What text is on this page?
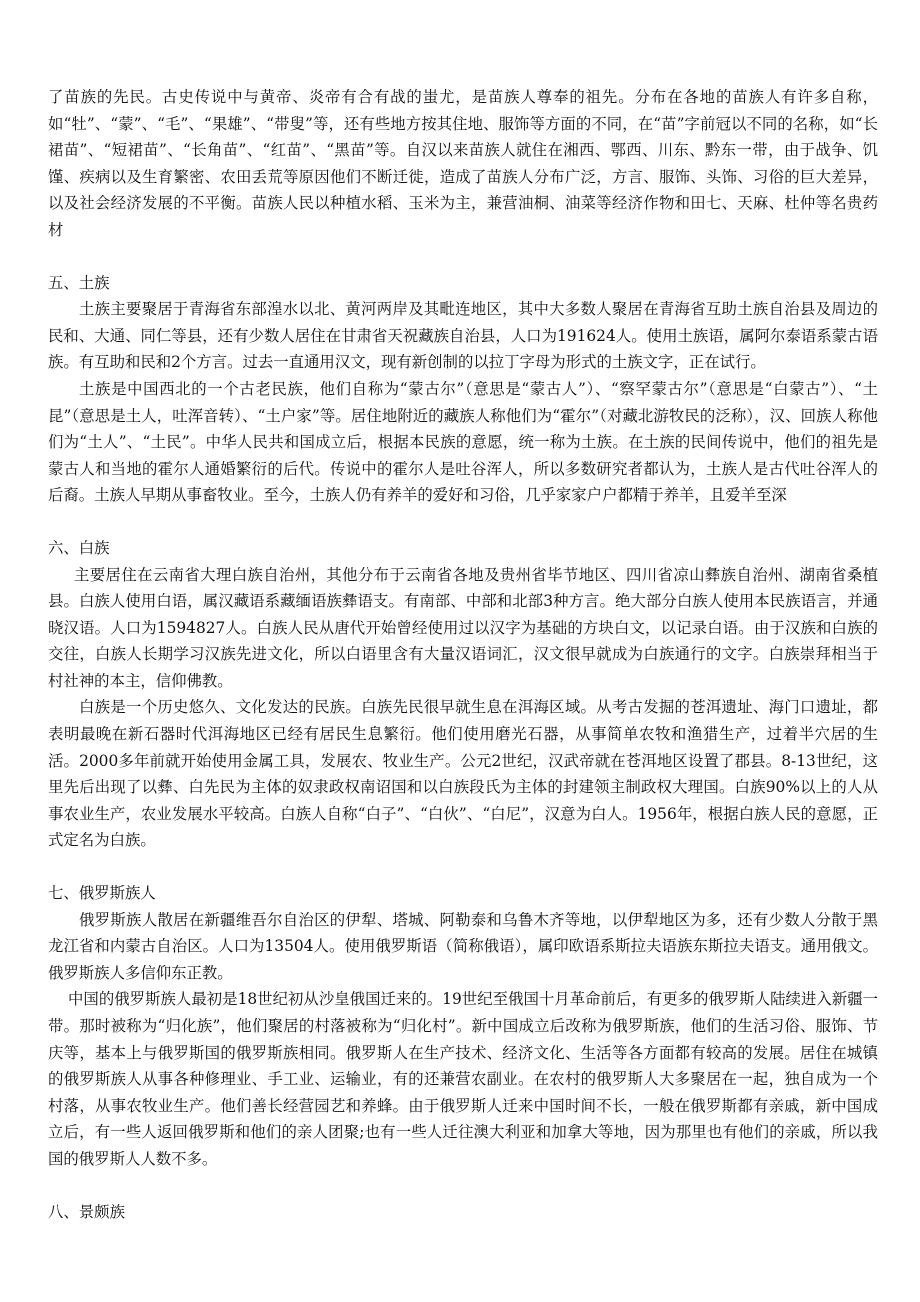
了苗族的先民。古史传说中与黄帝、炎帝有合有战的蚩尤，是苗族人尊奉的祖先。分布在各地的苗族人有许多自称，如“牡”、“蒙”、“毛”、“果雄”、“带叟”等，还有些地方按其住地、服饰等方面的不同，在“苗”字前冠以不同的名称，如“长裙苗”、“短裙苗”、“长角苗”、“红苗”、“黑苗”等。自汉以来苗族人就住在湘西、鄂西、川东、黔东一带，由于战争、饥馑、疾病以及生育繁密、农田丢荒等原因他们不断迁徙，造成了苗族人分布广泛，方言、服饰、头饰、习俗的巨大差异，以及社会经济发展的不平衡。苗族人民以种植水稻、玉米为主，兼营油桐、油菜等经济作物和田七、天麻、杜仲等名贵药材

五、土族

土族主要聚居于青海省东部湟水以北、黄河两岸及其毗连地区，其中大多数人聚居在青海省互助土族自治县及周边的民和、大通、同仁等县，还有少数人居住在甘肃省天祝藏族自治县，人口为191624人。使用土族语，属阿尔泰语系蒙古语族。有互助和民和2个方言。过去一直通用汉文，现有新创制的以拉丁字母为形式的土族文字，正在试行。

土族是中国西北的一个古老民族，他们自称为“蒙古尔”（意思是“蒙古人”）、“察罕蒙古尔”（意思是“白蒙古”）、“土昆”（意思是土人，吐浑音转）、“土户家”等。居住地附近的藏族人称他们为“霍尔”（对藏北游牧民的泛称），汉、回族人称他们为“土人”、“土民”。中华人民共和国成立后，根据本民族的意愿，统一称为土族。在土族的民间传说中，他们的祖先是蒙古人和当地的霍尔人通婚繁衍的后代。传说中的霍尔人是吐谷浑人，所以多数研究者都认为，土族人是古代吐谷浑人的后裔。土族人早期从事畜牧业。至今，土族人仍有养羊的爱好和习俗，几乎家家户户都精于养羊，且爱羊至深

六、白族

主要居住在云南省大理白族自治州，其他分布于云南省各地及贵州省毕节地区、四川省凉山彝族自治州、湖南省桑植县。白族人使用白语，属汉藏语系藏缅语族彝语支。有南部、中部和北部3种方言。绝大部分白族人使用本民族语言，并通晓汉语。人口为1594827人。白族人民从唐代开始曾经使用过以汉字为基础的方块白文，以记录白语。由于汉族和白族的交往，白族人长期学习汉族先进文化，所以白语里含有大量汉语词汇，汉文很早就成为白族通行的文字。白族崇拜相当于村社神的本主，信仰佛教。

白族是一个历史悠久、文化发达的民族。白族先民很早就生息在洱海区域。从考古发掘的苍洱遗址、海门口遗址，都表明最晚在新石器时代洱海地区已经有居民生息繁衍。他们使用磨光石器，从事简单农牧和渔猎生产，过着半穴居的生活。2000多年前就开始使用金属工具，发展农、牧业生产。公元2世纪，汉武帝就在苍洱地区设置了郡县。8-13世纪，这里先后出现了以彝、白先民为主体的奴隶政权南诏国和以白族段氏为主体的封建领主制政权大理国。白族90%以上的人从事农业生产，农业发展水平较高。白族人自称“白子”、“白伙”、“白尼”，汉意为白人。1956年，根据白族人民的意愿，正式定名为白族。

七、俄罗斯族人

俄罗斯族人散居在新疆维吾尔自治区的伊犁、塔城、阿勒泰和乌鲁木齐等地，以伊犁地区为多，还有少数人分散于黑龙江省和内蒙古自治区。人口为13504人。使用俄罗斯语（简称俄语），属印欧语系斯拉夫语族东斯拉夫语支。通用俄文。俄罗斯族人多信仰东正教。

中国的俄罗斯族人最初是18世纪初从沙皇俄国迁来的。19世纪至俄国十月革命前后，有更多的俄罗斯人陆续进入新疆一带。那时被称为“归化族”，他们聚居的村落被称为“归化村”。新中国成立后改称为俄罗斯族，他们的生活习俗、服饰、节庆等，基本上与俄罗斯国的俄罗斯族相同。俄罗斯人在生产技术、经济文化、生活等各方面都有较高的发展。居住在城镇的俄罗斯族人从事各种修理业、手工业、运输业，有的还兼营农副业。在农村的俄罗斯人大多聚居在一起，独自成为一个村落，从事农牧业生产。他们善长经营园艺和养蜂。由于俄罗斯人迁来中国时间不长，一般在俄罗斯都有亲戚，新中国成立后，有一些人返回俄罗斯和他们的亲人团聚;也有一些人迁往澳大利亚和加拿大等地，因为那里也有他们的亲戚，所以我国的俄罗斯人人数不多。

八、景颇族
